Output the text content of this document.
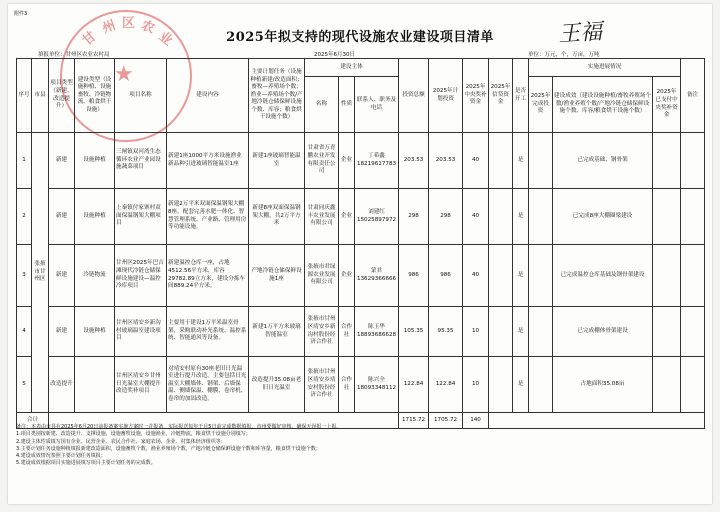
附件3
甘
州 区 农
业
★
2025年拟支持的现代设施农业建设项目清单	王福
填报单位：甘州区农业农村局	2025年6月30日	单位：万元，个，万亩，万吨
序号	市县	项目类型（新建、改造提升）	建设类型（设施种植、设施畜牧、冷链物流、粮食烘干设施）	项目名称	建设内容	主要计划任务（设施种植新建/改造面积；畜牧—养殖场个数；渔业—养殖场个数/产地冷链仓储保鲜设施个数、库容；粮食烘干设施个数）	建设主体			投资总额	2025年计划投资	2025年中央奖补资金	2025年信贷资金	是否开工	实施进展情况			备注
							名称	性质	联系人、职务及电话						2025年完成投资	建设成效（建设设施种植/畜牧养殖场个数/渔业养殖个数/产地冷链仓储保鲜设施个数、库容/粮食烘干设施个数）	2025年已支付中央奖补资金	
1	张掖市甘州区	新建	设施种植	三闸镇双河湾生态循环农业产业园设施蔬菜项目	新建1座1000平方米设施渔业新品种引进玻璃智能温室1座	新建1座玻璃智能温室	甘肃省万青鹏农业开发有限责任公司	企业	丁希鑫 18219617783	203.53	203.53	40		是		已完成基础、钢骨架		
2		新建	设施种植	上秦镇付家寨村双面保温钢架大棚项目	新建2万平米双面保温钢架大棚8座，配套完善水肥一体化、智慧管理系统、产业路、管理用房等功能设施。	新建8座双面保温钢架大棚，共2万平方米	甘肃同庆鑫丰农业发展有限公司	企业	刘建红 15025897972	298	298	40		是		已完成8座大棚圈梁建设		
3		新建	冷链物流	甘州区2025年巴吉滩现代冷链仓储保鲜设施建设—温控冷库项目	新建温控仓库一座，占地4512.56平方米，库容29782.89立方米，建设分拣车间889.24平方米。	产地冷链仓储保鲜设施1座	张掖市君绿源农业发展有限公司	企业	蒙君 13629366666	986	986	40		是		已完成温控仓库基础及钢骨架建设		
4		新建	设施种植	甘州区靖安乡新沟村玻璃温室建设项目	主要用于建设1万平米温室骨架，采购联动补光系统、温控系统、智能通风等设备。	新建1万平方米玻璃智能温室	张掖市甘州区靖安乡新沟村股份经济合作社	合作社	陈玉华 18893686628	105.35	95.35	10		是		已完成棚体骨架建设		
5		改造提升		甘州区靖安乡甘州日光温室大棚提升改造奖补项目	对靖安村原有30座老旧日光温室进行提升改造，主要包括日光温室大棚墙体、钢架、后墙保温、侧墙保温、棚膜、卷帘机、卷帘的加固改造。	改造提升35.08亩老旧日光温室	张掖市甘州区靖安乡靖安村股份经济合作社	合作社	陈兴全 18093348112	122.84	122.84	10		是		占地面积35.08亩		
合计										1715.72	1705.72	140						
备注：本表由市县在2025年6月20日前报备案实施方案时一并报备，实际报送每年于月5日前完成数据填报，市州要做好审核，确保无误报一上报。
1.项目类别按新建、改造提升、支撑设施，设施畜牧设施，设施渔业，冷链物流，粮食烘干设施分别填写；
2.建设主体性质填写国有企业、民营企业、农民合作社、家庭农场、企业、村集体经济组织等；
3.主要计划任务设施种植填报新建改造面积，设施畜牧个数，渔业养殖场个数，产地冷链仓储保鲜设施个数和库容量，粮食烘干设施个数；
4.建设成效情况参照主要计划任务填报；
5.建设成效根据项目实施进展填写项目主要计划任务的完成数。
